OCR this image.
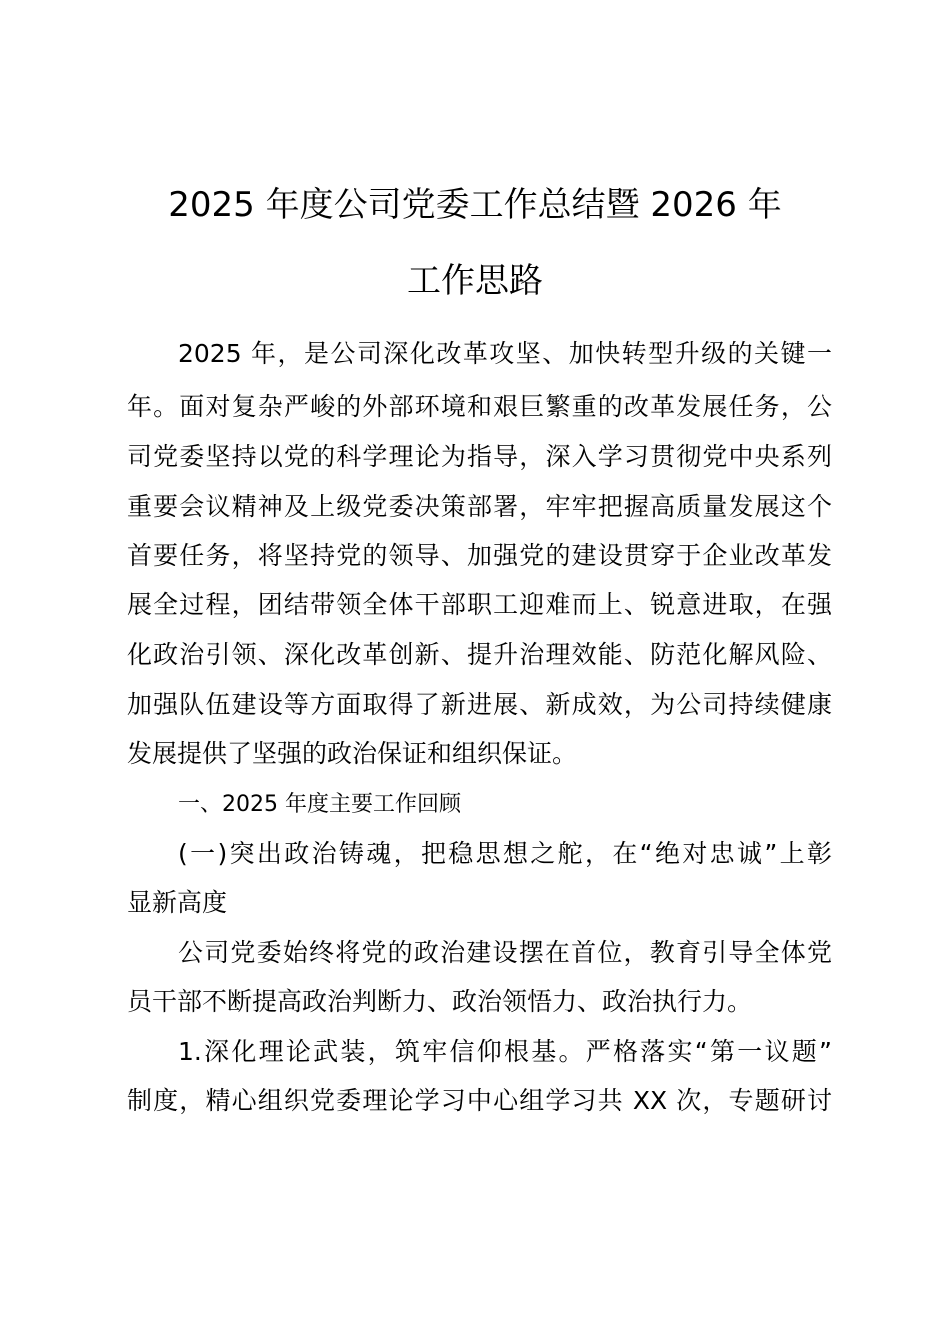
2025 年度公司党委工作总结暨 2026 年
工作思路
2025 年，是公司深化改革攻坚、加快转型升级的关键一
年。面对复杂严峻的外部环境和艰巨繁重的改革发展任务，公
司党委坚持以党的科学理论为指导，深入学习贯彻党中央系列
重要会议精神及上级党委决策部署，牢牢把握高质量发展这个
首要任务，将坚持党的领导、加强党的建设贯穿于企业改革发
展全过程，团结带领全体干部职工迎难而上、锐意进取，在强
化政治引领、深化改革创新、提升治理效能、防范化解风险、
加强队伍建设等方面取得了新进展、新成效，为公司持续健康
发展提供了坚强的政治保证和组织保证。
一、2025 年度主要工作回顾
(一)突出政治铸魂，把稳思想之舵，在“绝对忠诚”上彰
显新高度
公司党委始终将党的政治建设摆在首位，教育引导全体党
员干部不断提高政治判断力、政治领悟力、政治执行力。
1.深化理论武装，筑牢信仰根基。严格落实“第一议题”
制度，精心组织党委理论学习中心组学习共 XX 次，专题研讨
